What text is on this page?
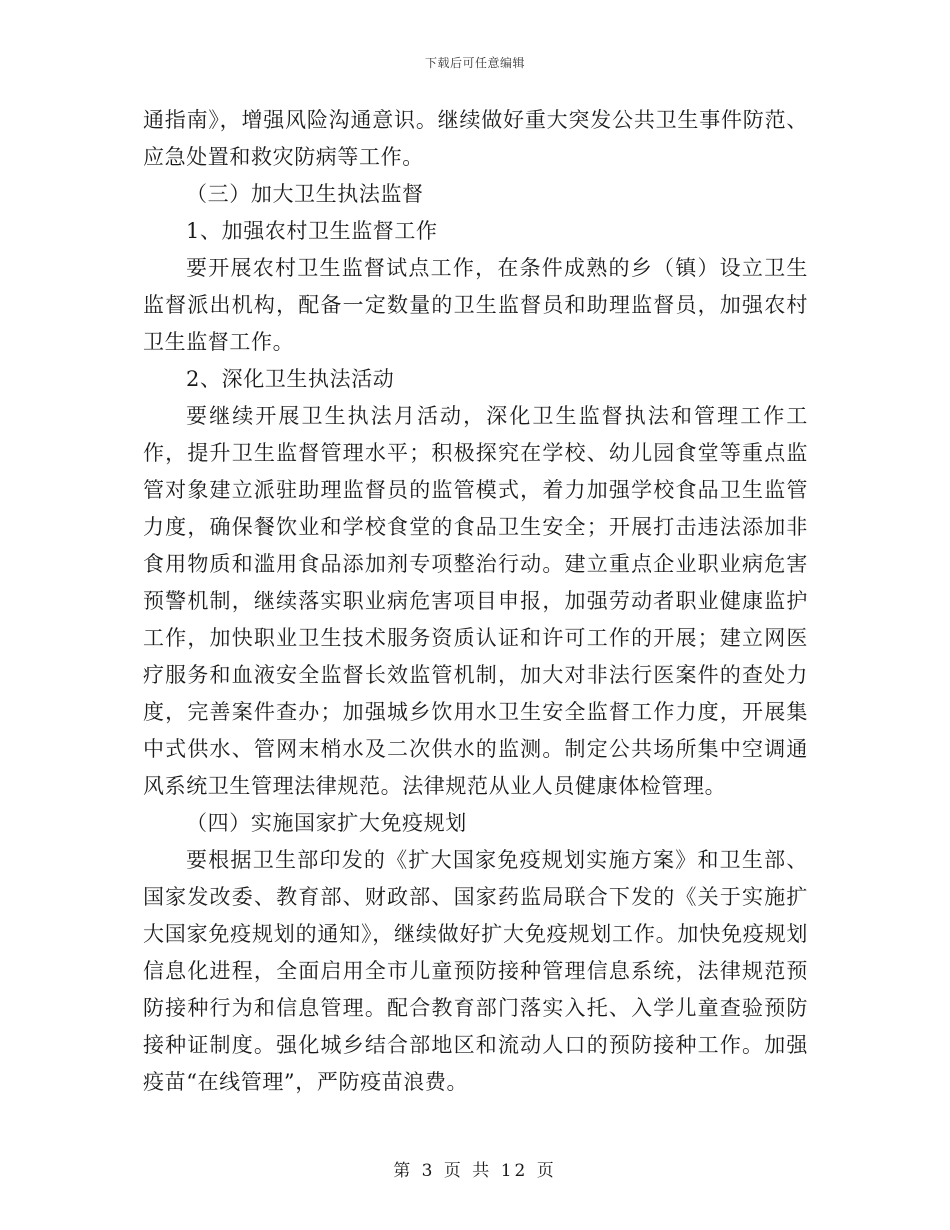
下载后可任意编辑

通指南》，增强风险沟通意识。继续做好重大突发公共卫生事件防范、应急处置和救灾防病等工作。

（三）加大卫生执法监督

1、加强农村卫生监督工作

要开展农村卫生监督试点工作，在条件成熟的乡（镇）设立卫生监督派出机构，配备一定数量的卫生监督员和助理监督员，加强农村卫生监督工作。

2、深化卫生执法活动

要继续开展卫生执法月活动，深化卫生监督执法和管理工作工作，提升卫生监督管理水平；积极探究在学校、幼儿园食堂等重点监管对象建立派驻助理监督员的监管模式，着力加强学校食品卫生监管力度，确保餐饮业和学校食堂的食品卫生安全；开展打击违法添加非食用物质和滥用食品添加剂专项整治行动。建立重点企业职业病危害预警机制，继续落实职业病危害项目申报，加强劳动者职业健康监护工作，加快职业卫生技术服务资质认证和许可工作的开展；建立网医疗服务和血液安全监督长效监管机制，加大对非法行医案件的查处力度，完善案件查办；加强城乡饮用水卫生安全监督工作力度，开展集中式供水、管网末梢水及二次供水的监测。制定公共场所集中空调通风系统卫生管理法律规范。法律规范从业人员健康体检管理。

（四）实施国家扩大免疫规划

要根据卫生部印发的《扩大国家免疫规划实施方案》和卫生部、国家发改委、教育部、财政部、国家药监局联合下发的《关于实施扩大国家免疫规划的通知》，继续做好扩大免疫规划工作。加快免疫规划信息化进程，全面启用全市儿童预防接种管理信息系统，法律规范预防接种行为和信息管理。配合教育部门落实入托、入学儿童查验预防接种证制度。强化城乡结合部地区和流动人口的预防接种工作。加强疫苗“在线管理”，严防疫苗浪费。

第 3 页 共 12 页
